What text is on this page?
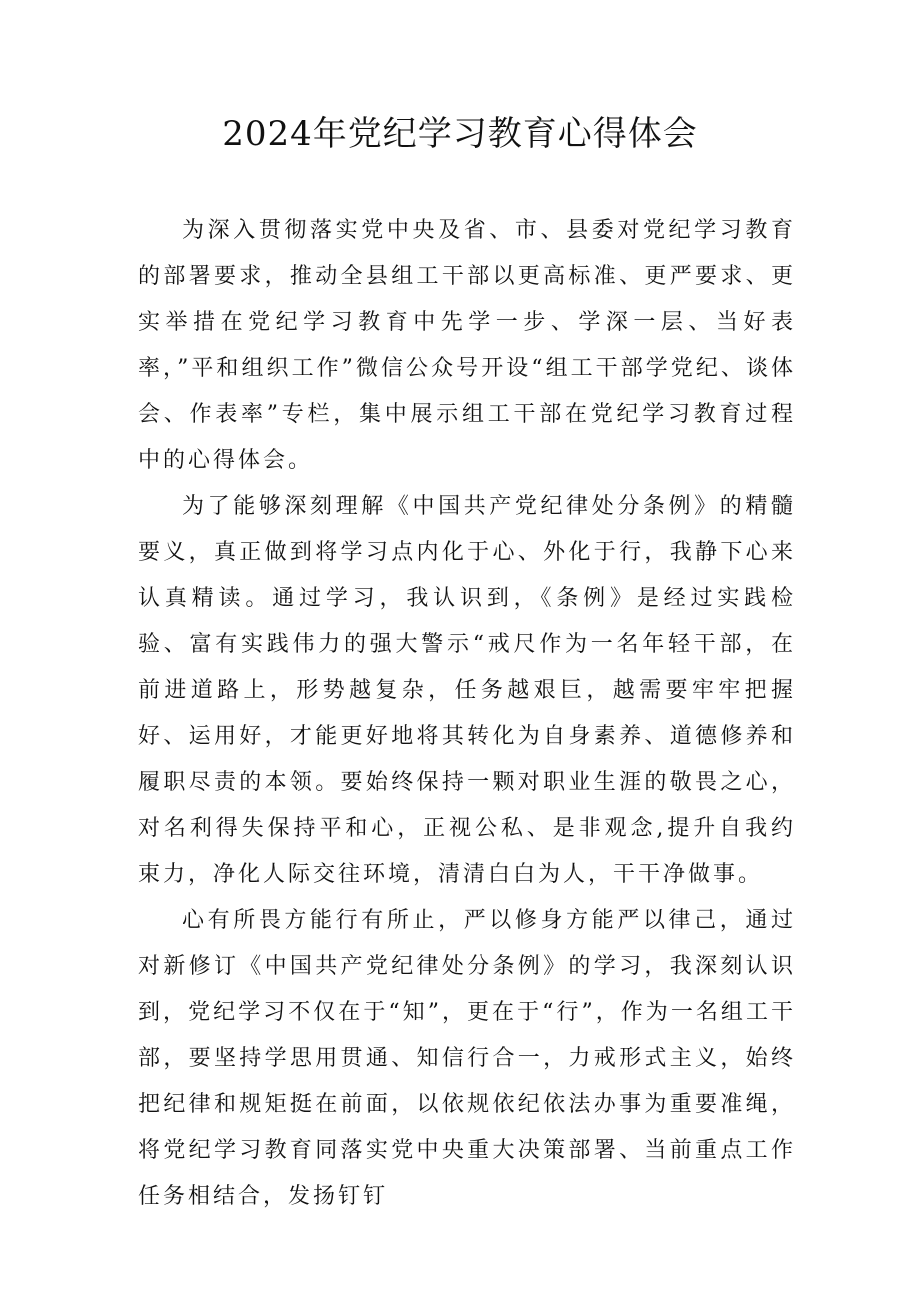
2024年党纪学习教育心得体会

为深入贯彻落实党中央及省、市、县委对党纪学习教育的部署要求，推动全县组工干部以更高标准、更严要求、更实举措在党纪学习教育中先学一步、学深一层、当好表率，”平和组织工作”微信公众号开设“组工干部学党纪、谈体会、作表率”专栏，集中展示组工干部在党纪学习教育过程中的心得体会。

为了能够深刻理解《中国共产党纪律处分条例》的精髓要义，真正做到将学习点内化于心、外化于行，我静下心来认真精读。通过学习，我认识到，《条例》是经过实践检验、富有实践伟力的强大警示“戒尺作为一名年轻干部，在前进道路上，形势越复杂，任务越艰巨，越需要牢牢把握好、运用好，才能更好地将其转化为自身素养、道德修养和履职尽责的本领。要始终保持一颗对职业生涯的敬畏之心，对名利得失保持平和心，正视公私、是非观念,提升自我约束力，净化人际交往环境，清清白白为人，干干净做事。

心有所畏方能行有所止，严以修身方能严以律己，通过对新修订《中国共产党纪律处分条例》的学习，我深刻认识到，党纪学习不仅在于“知”，更在于“行”，作为一名组工干部，要坚持学思用贯通、知信行合一，力戒形式主义，始终把纪律和规矩挺在前面，以依规依纪依法办事为重要准绳，将党纪学习教育同落实党中央重大决策部署、当前重点工作任务相结合，发扬钉钉
